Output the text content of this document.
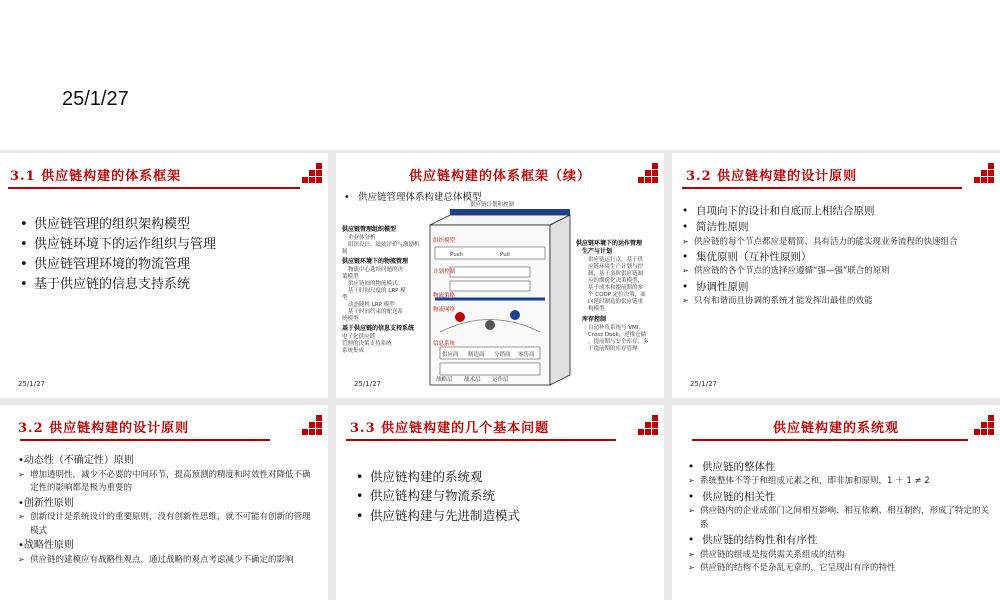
25/1/27
3.1 供应链构建的体系框架
• 供应链管理的组织架构模型
• 供应链环境下的运作组织与管理
• 供应链管理环境的物流管理
• 基于供应链的信息支持系统
25/1/27
供应链构建的体系框架（续）
• 供应链管理体系构建总体模型
供应链计划和控制
Push	Pull
组织模型
计划控制
物流策略
物流网络
信息系统
供应链管理组织模型
企业体分析
组织设计、绩效评价与激励机
制
供应链环境下的物流管理
物流中心选址问题的决
策模型
供应链间的物流模式
基于时间尺度的 LRP 模
型
动态随机 LRP 模型
基于时间约束的配送系
统模型
基于供应链的信息支持系统
电子化供应链
管理的决策支持系统
系统集成
供应链环境下的运作管理
生产与计划
供应链运行点，基于供
应链环境生产计划与控
制，基于多阶供应链制
应的期优化决策模型，
基于成本和提前期的多
个 CODP 定位决策，面
向延时制造的供应链重
构模型
库存控制
自动补货系统与 VMI，
Cross Dock，逆推仓储
，提前期与安全库存，多
于提前期的库存管理
战略层 战术层 运作层
供应商 制造商 分销商 零售商
25/1/27
3.2 供应链构建的设计原则
• 自项向下的设计和自底而上相结合原则
• 简洁性原则
➢ 供应链的每个节点都应是精简、具有活力的能实现业务流程的快速组合
• 集优原则（互补性原则）
➢ 供应链的各个节点的选择应遵循“强—强”联合的原则
• 协调性原则
➢ 只有和谐而且协调的系统才能发挥出最佳的效能
25/1/27
3.2 供应链构建的设计原则
•动态性（不确定性）原则
➢ 增加透明性，减少不必要的中间环节，提高预测的精度和时效性对降低不确定性的影响都是极为重要的
•创新性原则
➢ 创新设计是系统设计的重要原则，没有创新性思维，就不可能有创新的管理模式
•战略性原则
➢ 供应链的建模应有战略性观点，通过战略的观点考虑减少不确定的影响
3.3 供应链构建的几个基本问题
• 供应链构建的系统观
• 供应链构建与物流系统
• 供应链构建与先进制造模式
供应链构建的系统观
• 供应链的整体性
➢ 系统整体不等于和组成元素之和，即非加和原则，1 ＋ 1 ≠ 2
• 供应链的相关性
➢ 供应链内的企业成部门之间相互影响、相互依赖、相互制约，形成了特定的关系
• 供应链的结构性和有序性
➢ 供应链的组成是按供需关系组成的结构
➢ 供应链的结构不是杂乱无章的，它呈现出有序的特性
